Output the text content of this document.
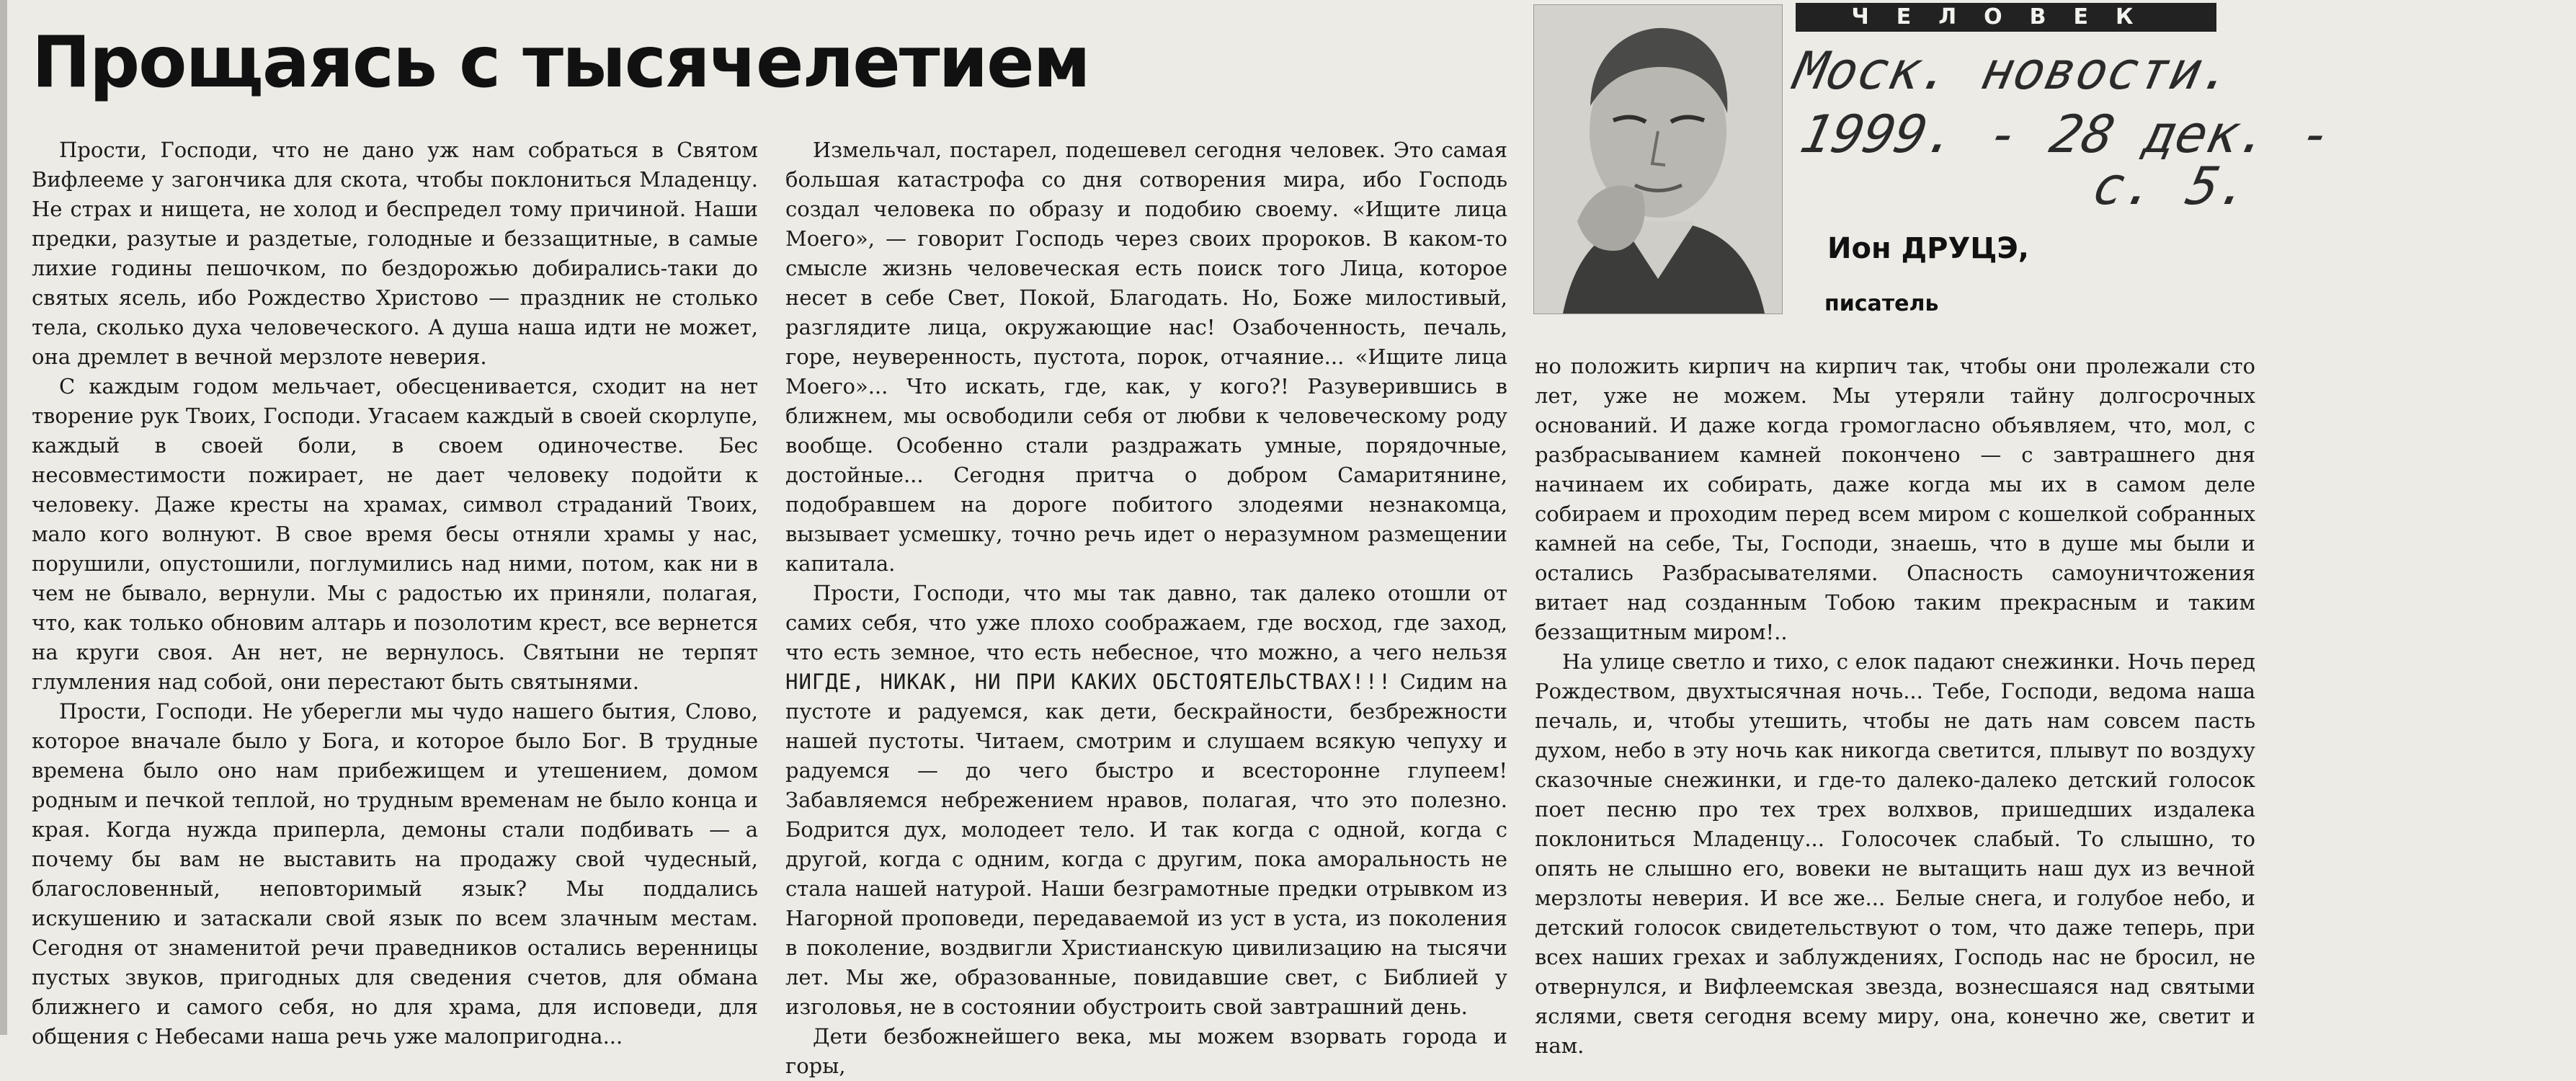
Прощаясь с тысячелетием

Прости, Господи, что не дано уж нам собраться в Святом Вифлееме у загончика для скота, чтобы поклониться Младенцу. Не страх и нищета, не холод и беспредел тому причиной. Наши предки, разутые и раздетые, голодные и беззащитные, в самые лихие годины пешочком, по бездорожью добирались-таки до святых ясель, ибо Рождество Христово — праздник не столько тела, сколько духа человеческого. А душа наша идти не может, она дремлет в вечной мерзлоте неверия.

С каждым годом мельчает, обесценивается, сходит на нет творение рук Твоих, Господи. Угасаем каждый в своей скорлупе, каждый в своей боли, в своем одиночестве. Бес несовместимости пожирает, не дает человеку подойти к человеку. Даже кресты на храмах, символ страданий Твоих, мало кого волнуют. В свое время бесы отняли храмы у нас, порушили, опустошили, поглумились над ними, потом, как ни в чем не бывало, вернули. Мы с радостью их приняли, полагая, что, как только обновим алтарь и позолотим крест, все вернется на круги своя. Ан нет, не вернулось. Святыни не терпят глумления над собой, они перестают быть святынями.

Прости, Господи. Не уберегли мы чудо нашего бытия, Слово, которое вначале было у Бога, и которое было Бог. В трудные времена было оно нам прибежищем и утешением, домом родным и печкой теплой, но трудным временам не было конца и края. Когда нужда приперла, демоны стали подбивать — а почему бы вам не выставить на продажу свой чудесный, благословенный, неповторимый язык? Мы поддались искушению и затаскали свой язык по всем злачным местам. Сегодня от знаменитой речи праведников остались веренницы пустых звуков, пригодных для сведения счетов, для обмана ближнего и самого себя, но для храма, для исповеди, для общения с Небесами наша речь уже малопригодна...

Измельчал, постарел, подешевел сегодня человек. Это самая большая катастрофа со дня сотворения мира, ибо Господь создал человека по образу и подобию своему. «Ищите лица Моего», — говорит Господь через своих пророков. В каком-то смысле жизнь человеческая есть поиск того Лица, которое несет в себе Свет, Покой, Благодать. Но, Боже милостивый, разглядите лица, окружающие нас! Озабоченность, печаль, горе, неуверенность, пустота, порок, отчаяние... «Ищите лица Моего»... Что искать, где, как, у кого?! Разуверившись в ближнем, мы освободили себя от любви к человеческому роду вообще. Особенно стали раздражать умные, порядочные, достойные... Сегодня притча о добром Самаритянине, подобравшем на дороге побитого злодеями незнакомца, вызывает усмешку, точно речь идет о неразумном размещении капитала.

Прости, Господи, что мы так давно, так далеко отошли от самих себя, что уже плохо соображаем, где восход, где заход, что есть земное, что есть небесное, что можно, а чего нельзя НИГДЕ, НИКАК, НИ ПРИ КАКИХ ОБСТОЯТЕЛЬСТВАХ!!! Сидим на пустоте и радуемся, как дети, бескрайности, безбрежности нашей пустоты. Читаем, смотрим и слушаем всякую чепуху и радуемся — до чего быстро и всесторонне глупеем! Забавляемся небрежением нравов, полагая, что это полезно. Бодрится дух, молодеет тело. И так когда с одной, когда с другой, когда с одним, когда с другим, пока аморальность не стала нашей натурой. Наши безграмотные предки отрывком из Нагорной проповеди, передаваемой из уст в уста, из поколения в поколение, воздвигли Христианскую цивилизацию на тысячи лет. Мы же, образованные, повидавшие свет, с Библией у изголовья, не в состоянии обустроить свой завтрашний день.

Дети безбожнейшего века, мы можем взорвать города и горы,

ЧЕЛОВЕК
Моск. новости.
1999. - 28 дек. -
с. 5.
Ион ДРУЦЭ,
писатель

но положить кирпич на кирпич так, чтобы они пролежали сто лет, уже не можем. Мы утеряли тайну долгосрочных оснований. И даже когда громогласно объявляем, что, мол, с разбрасыванием камней покончено — с завтрашнего дня начинаем их собирать, даже когда мы их в самом деле собираем и проходим перед всем миром с кошелкой собранных камней на себе, Ты, Господи, знаешь, что в душе мы были и остались Разбрасывателями. Опасность самоуничтожения витает над созданным Тобою таким прекрасным и таким беззащитным миром!..

На улице светло и тихо, с елок падают снежинки. Ночь перед Рождеством, двухтысячная ночь... Тебе, Господи, ведома наша печаль, и, чтобы утешить, чтобы не дать нам совсем пасть духом, небо в эту ночь как никогда светится, плывут по воздуху сказочные снежинки, и где-то далеко-далеко детский голосок поет песню про тех трех волхвов, пришедших издалека поклониться Младенцу... Голосочек слабый. То слышно, то опять не слышно его, вовеки не вытащить наш дух из вечной мерзлоты неверия. И все же... Белые снега, и голубое небо, и детский голосок свидетельствуют о том, что даже теперь, при всех наших грехах и заблуждениях, Господь нас не бросил, не отвернулся, и Вифлеемская звезда, вознесшаяся над святыми яслями, светя сегодня всему миру, она, конечно же, светит и нам.
